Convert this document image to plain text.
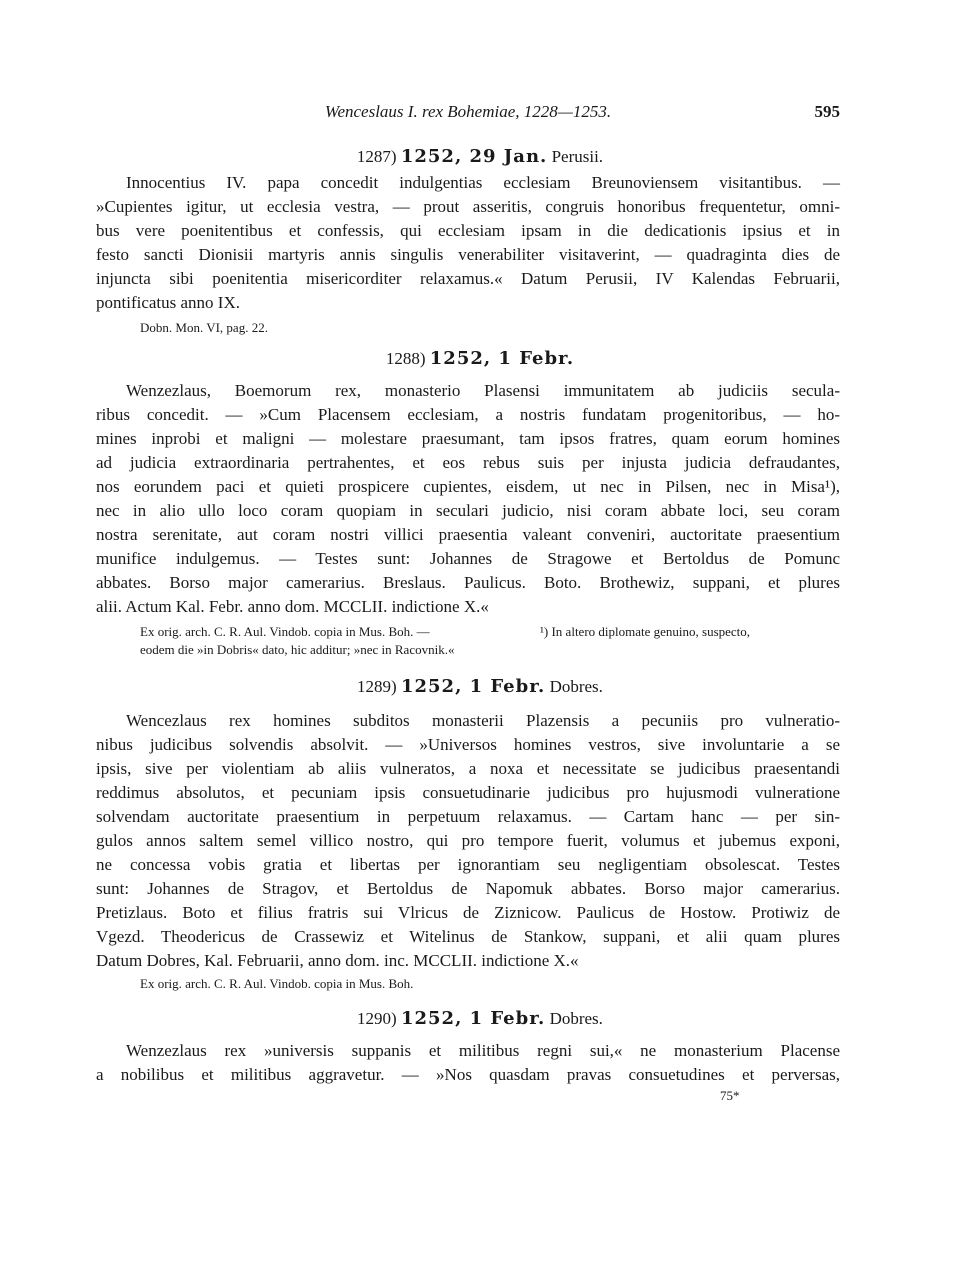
Wenceslaus I. rex Bohemiae, 1228—1253.	595
1287) 1252, 29 Jan. Perusii.
Innocentius IV. papa concedit indulgentias ecclesiam Breunoviensem visitantibus. —
»Cupientes igitur, ut ecclesia vestra, — prout asseritis, congruis honoribus frequentetur, omni-
bus vere poenitentibus et confessis, qui ecclesiam ipsam in die dedicationis ipsius et in
festo sancti Dionisii martyris annis singulis venerabiliter visitaverint, — quadraginta dies de
injuncta sibi poenitentia misericorditer relaxamus.« Datum Perusii, IV Kalendas Februarii,
pontificatus anno IX.
Dobn. Mon. VI, pag. 22.
1288) 1252, 1 Febr.
Wenzezlaus, Boemorum rex, monasterio Plasensi immunitatem ab judiciis secula-
ribus concedit. — »Cum Placensem ecclesiam, a nostris fundatam progenitoribus, — ho-
mines inprobi et maligni — molestare praesumant, tam ipsos fratres, quam eorum homines
ad judicia extraordinaria pertrahentes, et eos rebus suis per injusta judicia defraudantes,
nos eorundem paci et quieti prospicere cupientes, eisdem, ut nec in Pilsen, nec in Misa¹),
nec in alio ullo loco coram quopiam in seculari judicio, nisi coram abbate loci, seu coram
nostra serenitate, aut coram nostri villici praesentia valeant conveniri, auctoritate praesentium
munifice indulgemus. — Testes sunt: Johannes de Stragowe et Bertoldus de Pomunc
abbates. Borso major camerarius. Breslaus. Paulicus. Boto. Brothewiz, suppani, et plures
alii. Actum Kal. Febr. anno dom. MCCLII. indictione X.«
Ex orig. arch. C. R. Aul. Vindob. copia in Mus. Boh. —	¹) In altero diplomate genuino, suspecto,
eodem die »in Dobris« dato, hic additur; »nec in Racovnik.«
1289) 1252, 1 Febr. Dobres.
Wencezlaus rex homines subditos monasterii Plazensis a pecuniis pro vulneratio-
nibus judicibus solvendis absolvit. — »Universos homines vestros, sive involuntarie a se
ipsis, sive per violentiam ab aliis vulneratos, a noxa et necessitate se judicibus praesentandi
reddimus absolutos, et pecuniam ipsis consuetudinarie judicibus pro hujusmodi vulneratione
solvendam auctoritate praesentium in perpetuum relaxamus. — Cartam hanc — per sin-
gulos annos saltem semel villico nostro, qui pro tempore fuerit, volumus et jubemus exponi,
ne concessa vobis gratia et libertas per ignorantiam seu negligentiam obsolescat. Testes
sunt: Johannes de Stragov, et Bertoldus de Napomuk abbates. Borso major camerarius.
Pretizlaus. Boto et filius fratris sui Vlricus de Ziznicow. Paulicus de Hostow. Protiwiz de
Vgezd. Theodericus de Crassewiz et Witelinus de Stankow, suppani, et alii quam plures
Datum Dobres, Kal. Februarii, anno dom. inc. MCCLII. indictione X.«
Ex orig. arch. C. R. Aul. Vindob. copia in Mus. Boh.
1290) 1252, 1 Febr. Dobres.
Wenzezlaus rex »universis suppanis et militibus regni sui,« ne monasterium Placense
a nobilibus et militibus aggravetur. — »Nos quasdam pravas consuetudines et perversas,
75*
